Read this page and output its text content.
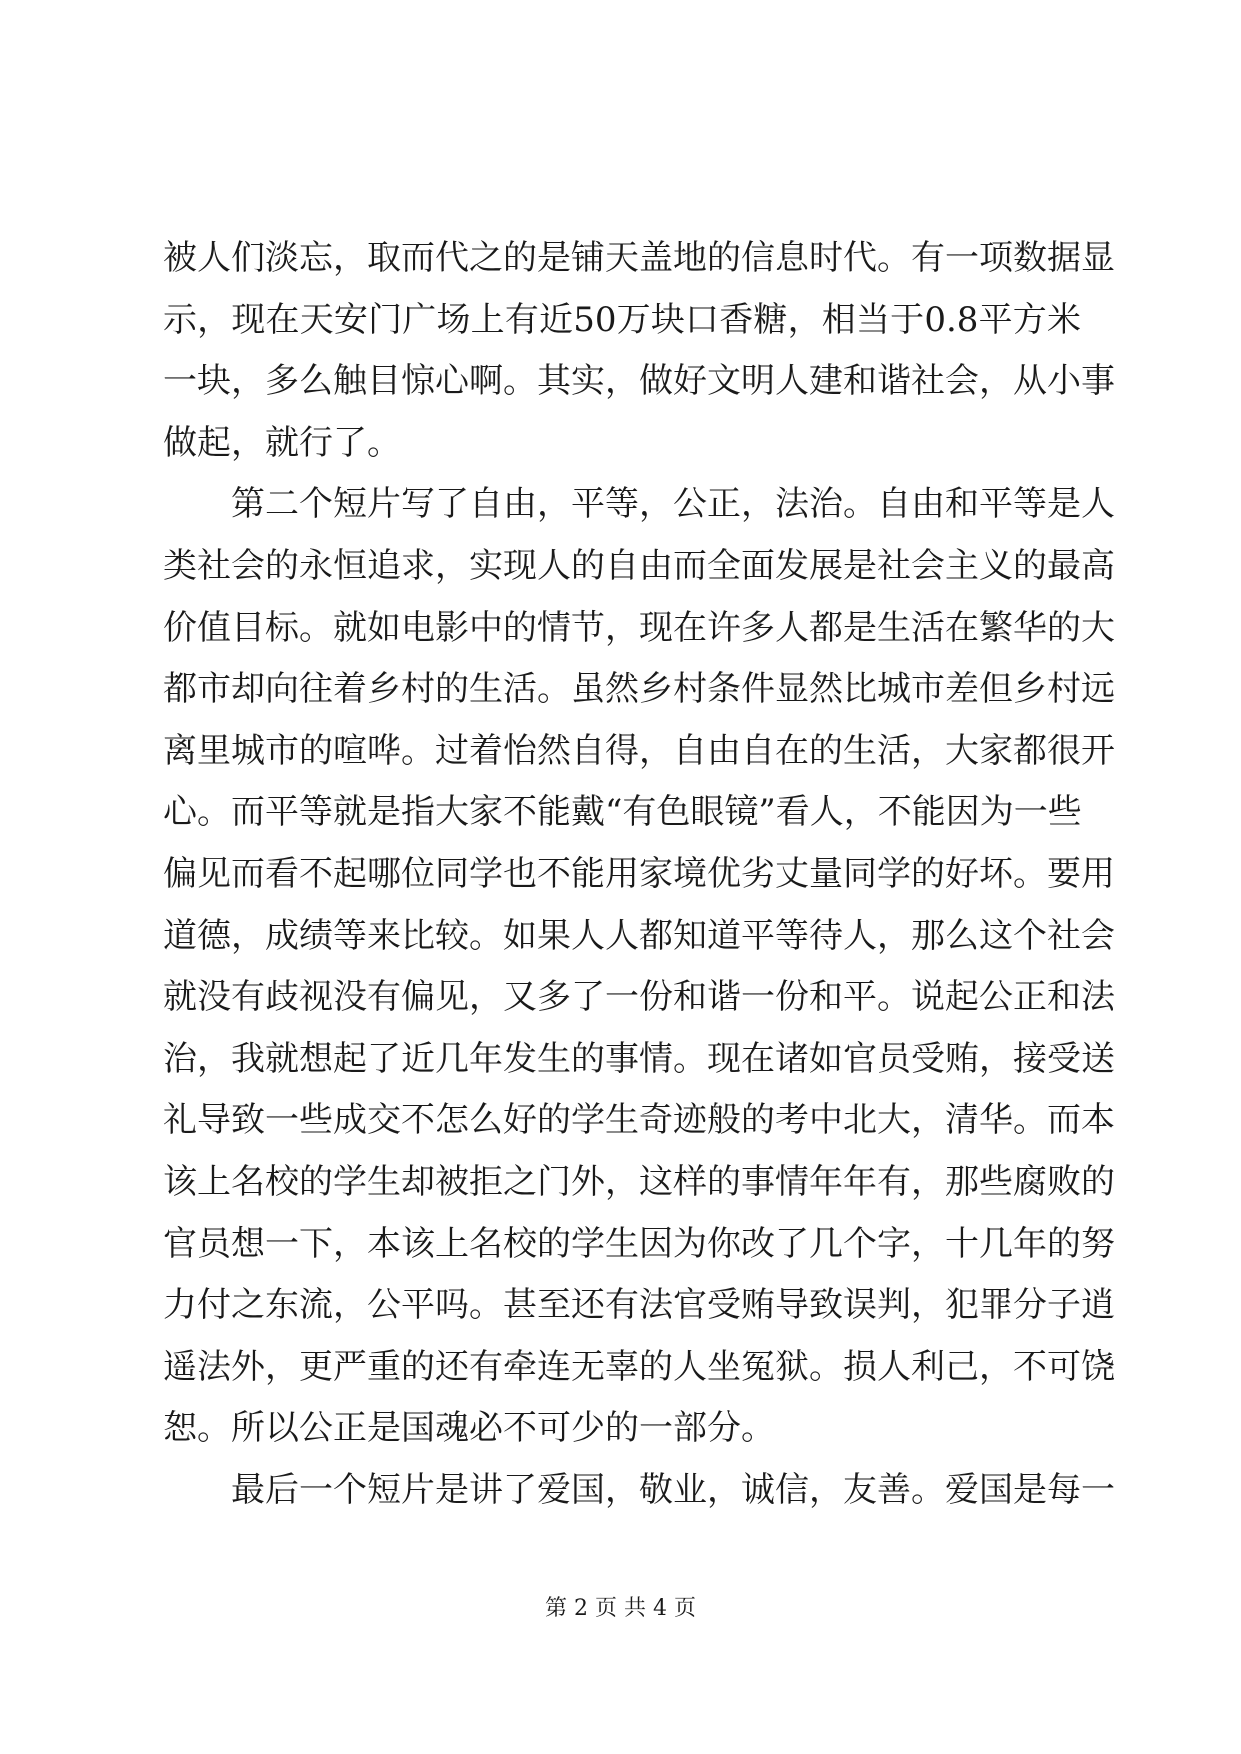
被人们淡忘，取而代之的是铺天盖地的信息时代。有一项数据显
示，现在天安门广场上有近50万块口香糖，相当于0.8平方米
一块，多么触目惊心啊。其实，做好文明人建和谐社会，从小事
做起，就行了。
　　第二个短片写了自由，平等，公正，法治。自由和平等是人
类社会的永恒追求，实现人的自由而全面发展是社会主义的最高
价值目标。就如电影中的情节，现在许多人都是生活在繁华的大
都市却向往着乡村的生活。虽然乡村条件显然比城市差但乡村远
离里城市的喧哗。过着怡然自得，自由自在的生活，大家都很开
心。而平等就是指大家不能戴“有色眼镜”看人，不能因为一些
偏见而看不起哪位同学也不能用家境优劣丈量同学的好坏。要用
道德，成绩等来比较。如果人人都知道平等待人，那么这个社会
就没有歧视没有偏见，又多了一份和谐一份和平。说起公正和法
治，我就想起了近几年发生的事情。现在诸如官员受贿，接受送
礼导致一些成交不怎么好的学生奇迹般的考中北大，清华。而本
该上名校的学生却被拒之门外，这样的事情年年有，那些腐败的
官员想一下，本该上名校的学生因为你改了几个字，十几年的努
力付之东流，公平吗。甚至还有法官受贿导致误判，犯罪分子逍
遥法外，更严重的还有牵连无辜的人坐冤狱。损人利己，不可饶
恕。所以公正是国魂必不可少的一部分。
　　最后一个短片是讲了爱国，敬业，诚信，友善。爱国是每一
第 2 页 共 4 页
